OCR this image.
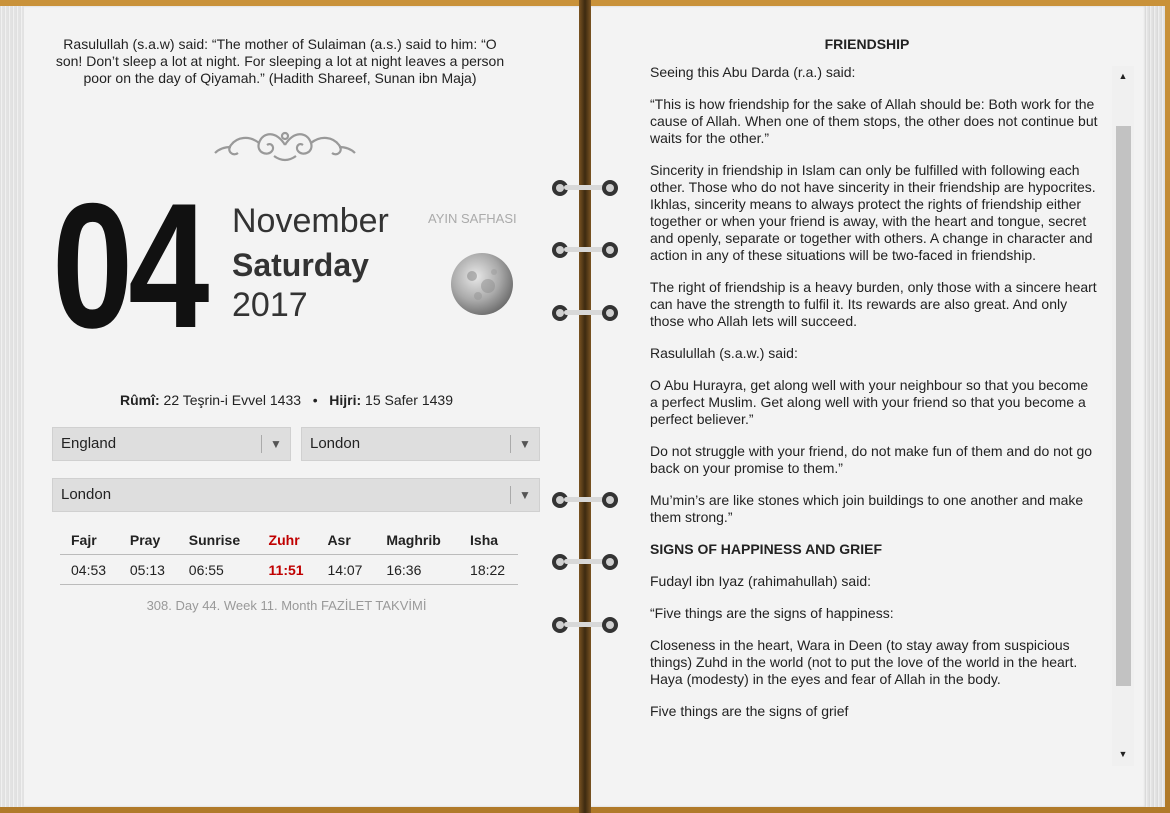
Rasulullah (s.a.w) said: “The mother of Sulaiman (a.s.) said to him: “O son! Don’t sleep a lot at night. For sleeping a lot at night leaves a person poor on the day of Qiyamah.” (Hadith Shareef, Sunan ibn Maja)
04 November
Saturday
2017
AYIN SAFHASI
Rûmî: 22 Teşrin-i Evvel 1433 • Hijri: 15 Safer 1439
England	▼	London	▼
London	▼
Fajr	Pray	Sunrise	Zuhr	Asr	Maghrib	Isha
04:53	05:13	06:55	11:51	14:07	16:36	18:22
308. Day 44. Week 11. Month FAZİLET TAKVİMİ
FRIENDSHIP

Seeing this Abu Darda (r.a.) said:

“This is how friendship for the sake of Allah should be: Both work for the cause of Allah. When one of them stops, the other does not continue but waits for the other.”

Sincerity in friendship in Islam can only be fulfilled with following each other. Those who do not have sincerity in their friendship are hypocrites. Ikhlas, sincerity means to always protect the rights of friendship either together or when your friend is away, with the heart and tongue, secret and openly, separate or together with others. A change in character and action in any of these situations will be two-faced in friendship.

The right of friendship is a heavy burden, only those with a sincere heart can have the strength to fulfil it. Its rewards are also great. And only those who Allah lets will succeed.

Rasulullah (s.a.w.) said:

O Abu Hurayra, get along well with your neighbour so that you become a perfect Muslim. Get along well with your friend so that you become a perfect believer.”

Do not struggle with your friend, do not make fun of them and do not go back on your promise to them.”

Mu’min’s are like stones which join buildings to one another and make them strong.”

SIGNS OF HAPPINESS AND GRIEF

Fudayl ibn Iyaz (rahimahullah) said:

“Five things are the signs of happiness:

Closeness in the heart, Wara in Deen (to stay away from suspicious things) Zuhd in the world (not to put the love of the world in the heart. Haya (modesty) in the eyes and fear of Allah in the body.

Five things are the signs of grief

▲
▼
